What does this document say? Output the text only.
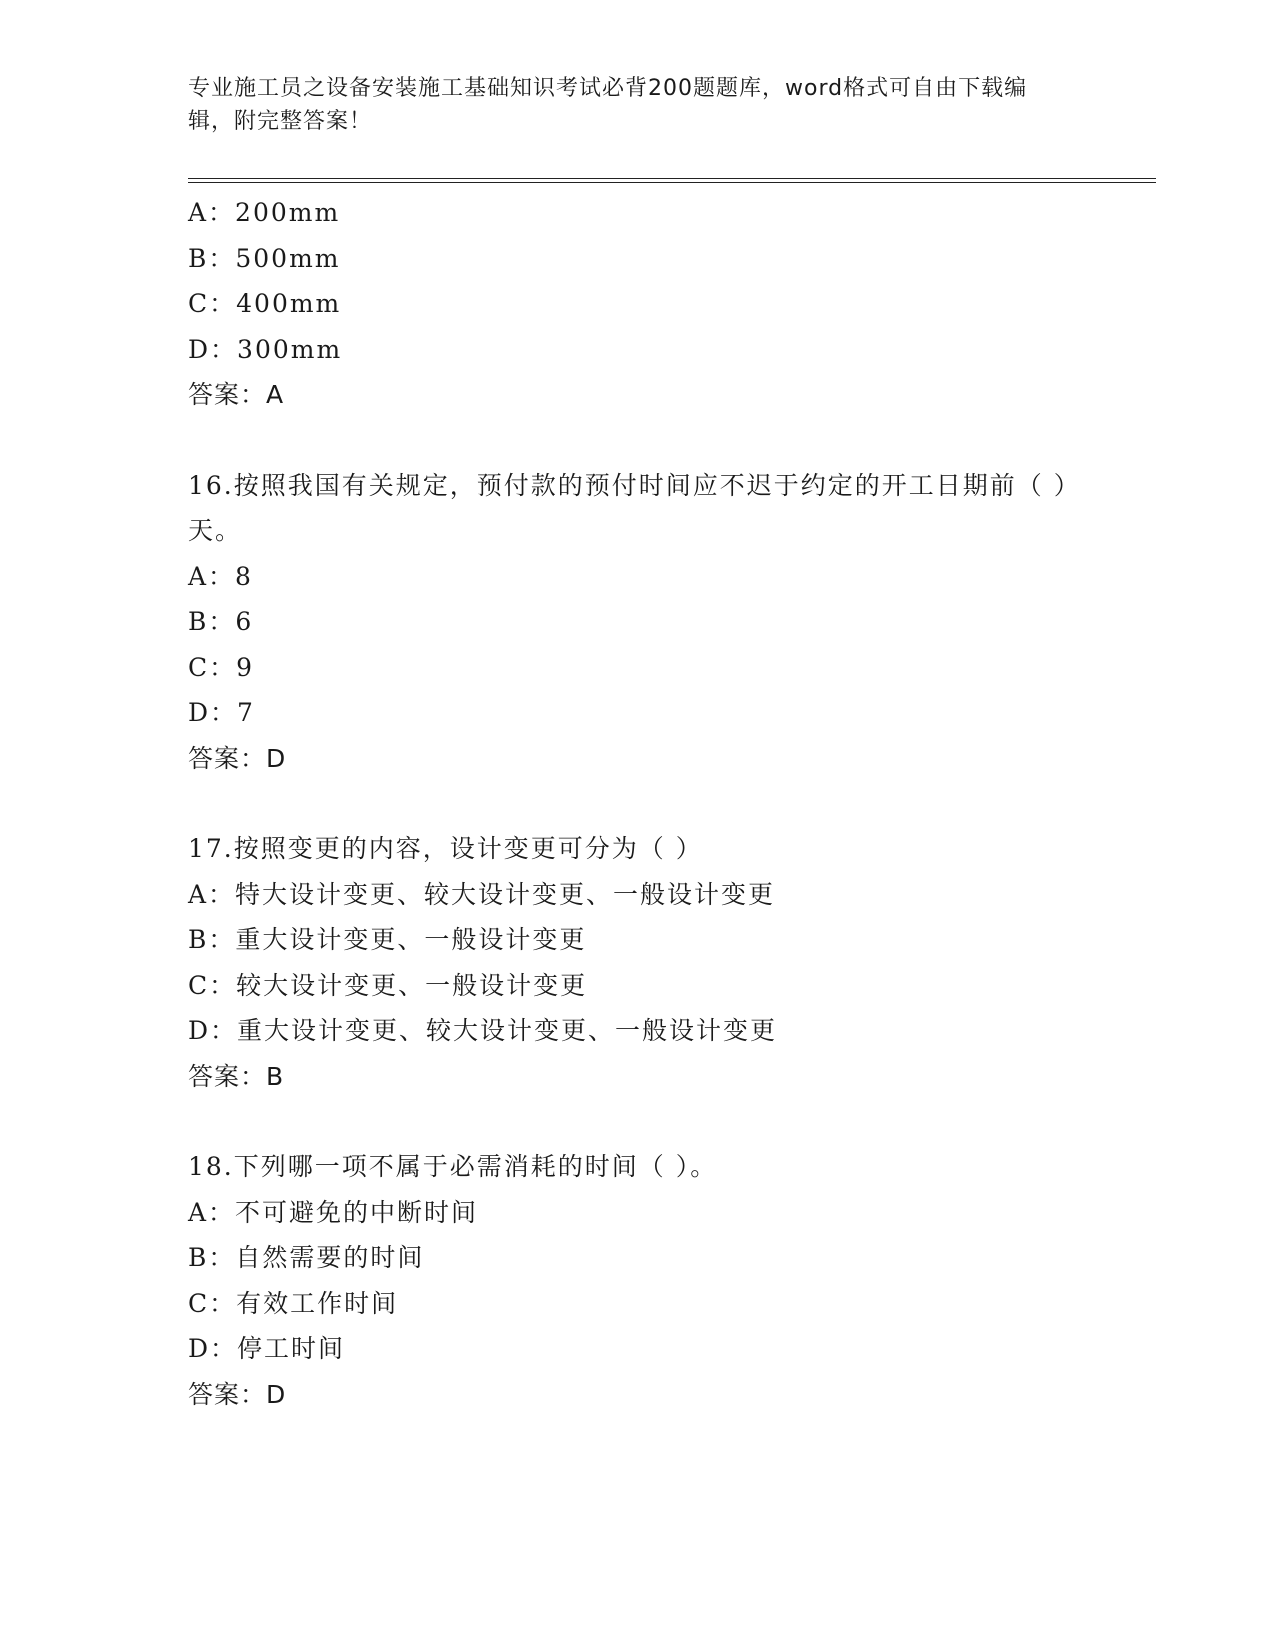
专业施工员之设备安装施工基础知识考试必背200题题库，word格式可自由下载编辑，附完整答案！
A：200mm
B：500mm
C：400mm
D：300mm
答案：A
16.按照我国有关规定，预付款的预付时间应不迟于约定的开工日期前（ ）天。
A：8
B：6
C：9
D：7
答案：D
17.按照变更的内容，设计变更可分为（ ）
A：特大设计变更、较大设计变更、一般设计变更
B：重大设计变更、一般设计变更
C：较大设计变更、一般设计变更
D：重大设计变更、较大设计变更、一般设计变更
答案：B
18.下列哪一项不属于必需消耗的时间（ ）。
A：不可避免的中断时间
B：自然需要的时间
C：有效工作时间
D：停工时间
答案：D
